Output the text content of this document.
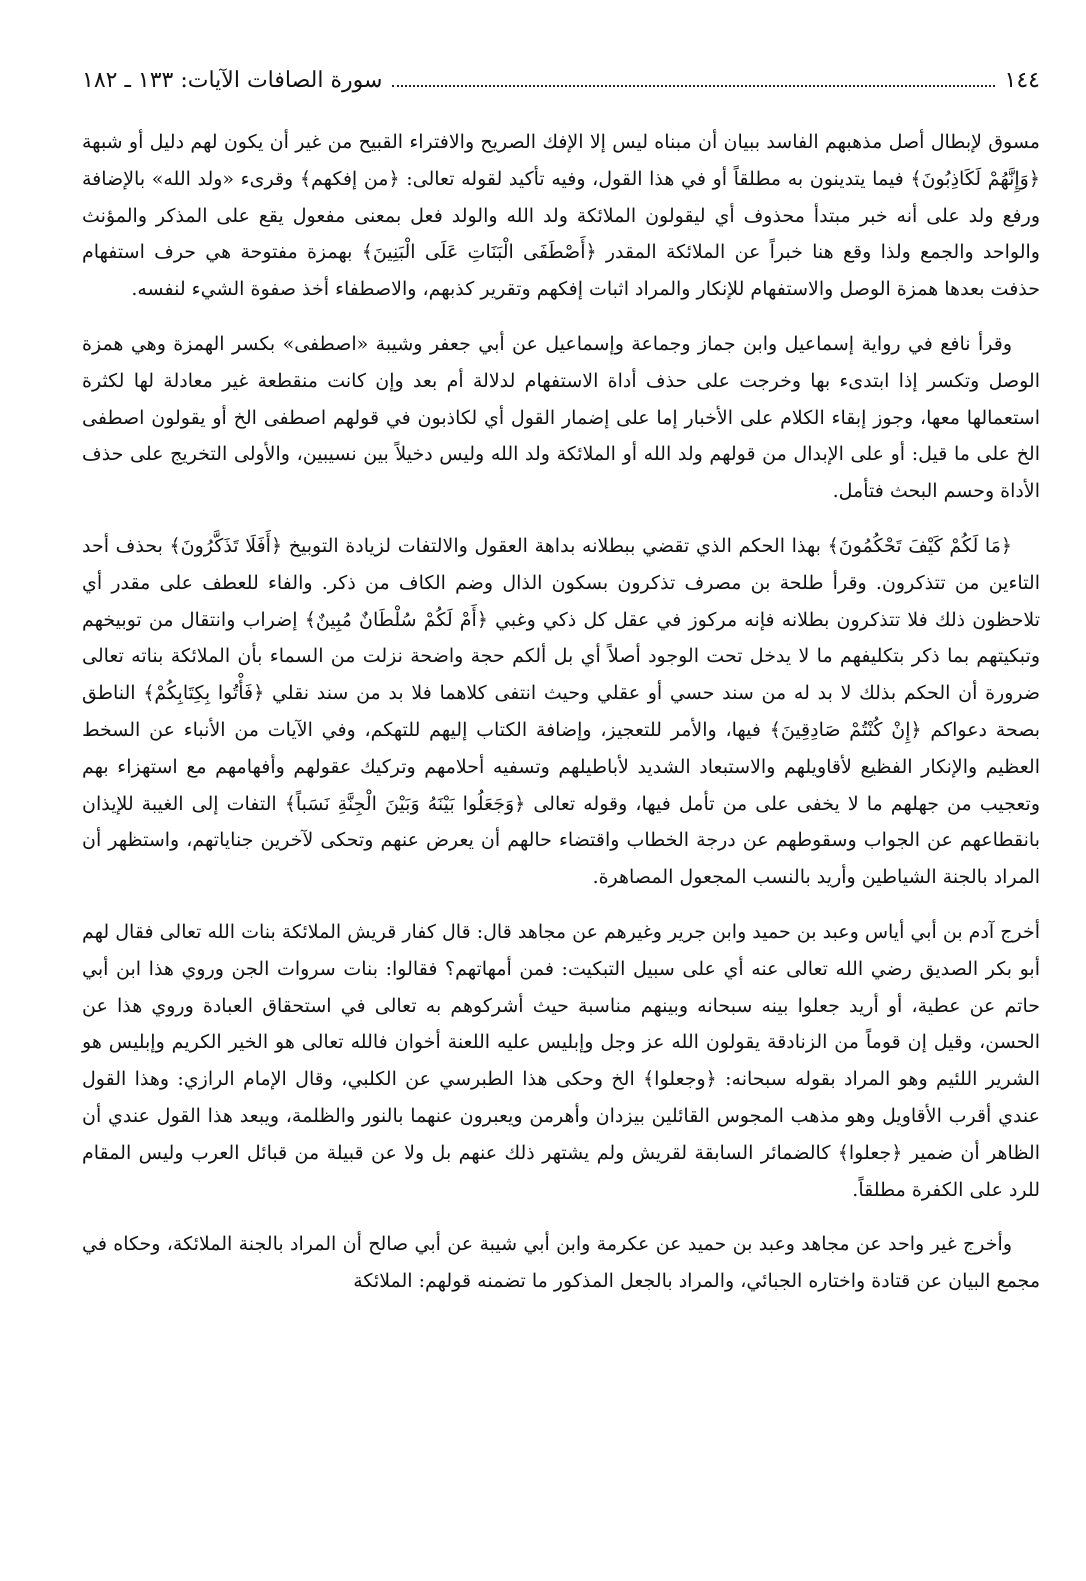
١٤٤
سورة الصافات الآيات: ١٣٣ ـ ١٨٢

مسوق لإبطال أصل مذهبهم الفاسد ببيان أن مبناه ليس إلا الإفك الصريح والافتراء القبيح من غير أن يكون لهم دليل أو شبهة ﴿وَإِنَّهُمْ لَكَاذِبُونَ﴾ فيما يتدينون به مطلقاً أو في هذا القول، وفيه تأكيد لقوله تعالى: ﴿من إفكهم﴾ وقرىء «ولد الله» بالإضافة ورفع ولد على أنه خبر مبتدأ محذوف أي ليقولون الملائكة ولد الله والولد فعل بمعنى مفعول يقع على المذكر والمؤنث والواحد والجمع ولذا وقع هنا خبراً عن الملائكة المقدر ﴿أَصْطَفَى الْبَنَاتِ عَلَى الْبَنِينَ﴾ بهمزة مفتوحة هي حرف استفهام حذفت بعدها همزة الوصل والاستفهام للإنكار والمراد اثبات إفكهم وتقرير كذبهم، والاصطفاء أخذ صفوة الشيء لنفسه.

وقرأ نافع في رواية إسماعيل وابن جماز وجماعة وإسماعيل عن أبي جعفر وشيبة «اصطفى» بكسر الهمزة وهي همزة الوصل وتكسر إذا ابتدىء بها وخرجت على حذف أداة الاستفهام لدلالة أم بعد وإن كانت منقطعة غير معادلة لها لكثرة استعمالها معها، وجوز إبقاء الكلام على الأخبار إما على إضمار القول أي لكاذبون في قولهم اصطفى الخ أو يقولون اصطفى الخ على ما قيل: أو على الإبدال من قولهم ولد الله أو الملائكة ولد الله وليس دخيلاً بين نسيبين، والأولى التخريج على حذف الأداة وحسم البحث فتأمل.

﴿مَا لَكُمْ كَيْفَ تَحْكُمُونَ﴾ بهذا الحكم الذي تقضي ببطلانه بداهة العقول والالتفات لزيادة التوبيخ ﴿أَفَلَا تَذَكَّرُونَ﴾ بحذف أحد التاءين من تتذكرون. وقرأ طلحة بن مصرف تذكرون بسكون الذال وضم الكاف من ذكر. والفاء للعطف على مقدر أي تلاحظون ذلك فلا تتذكرون بطلانه فإنه مركوز في عقل كل ذكي وغبي ﴿أَمْ لَكُمْ سُلْطَانٌ مُبِينٌ﴾ إضراب وانتقال من توبيخهم وتبكيتهم بما ذكر بتكليفهم ما لا يدخل تحت الوجود أصلاً أي بل ألكم حجة واضحة نزلت من السماء بأن الملائكة بناته تعالى ضرورة أن الحكم بذلك لا بد له من سند حسي أو عقلي وحيث انتفى كلاهما فلا بد من سند نقلي ﴿فَأْتُوا بِكِتَابِكُمْ﴾ الناطق بصحة دعواكم ﴿إِنْ كُنْتُمْ صَادِقِينَ﴾ فيها، والأمر للتعجيز، وإضافة الكتاب إليهم للتهكم، وفي الآيات من الأنباء عن السخط العظيم والإنكار الفظيع لأقاويلهم والاستبعاد الشديد لأباطيلهم وتسفيه أحلامهم وتركيك عقولهم وأفهامهم مع استهزاء بهم وتعجيب من جهلهم ما لا يخفى على من تأمل فيها، وقوله تعالى ﴿وَجَعَلُوا بَيْنَهُ وَبَيْنَ الْجِنَّةِ نَسَباً﴾ التفات إلى الغيبة للإيذان بانقطاعهم عن الجواب وسقوطهم عن درجة الخطاب واقتضاء حالهم أن يعرض عنهم وتحكى لآخرين جناياتهم، واستظهر أن المراد بالجنة الشياطين وأريد بالنسب المجعول المصاهرة.

أخرج آدم بن أبي أياس وعبد بن حميد وابن جرير وغيرهم عن مجاهد قال: قال كفار قريش الملائكة بنات الله تعالى فقال لهم أبو بكر الصديق رضي الله تعالى عنه أي على سبيل التبكيت: فمن أمهاتهم؟ فقالوا: بنات سروات الجن وروي هذا ابن أبي حاتم عن عطية، أو أريد جعلوا بينه سبحانه وبينهم مناسبة حيث أشركوهم به تعالى في استحقاق العبادة وروي هذا عن الحسن، وقيل إن قوماً من الزنادقة يقولون الله عز وجل وإبليس عليه اللعنة أخوان فالله تعالى هو الخير الكريم وإبليس هو الشرير اللئيم وهو المراد بقوله سبحانه: ﴿وجعلوا﴾ الخ وحكى هذا الطبرسي عن الكلبي، وقال الإمام الرازي: وهذا القول عندي أقرب الأقاويل وهو مذهب المجوس القائلين بيزدان وأهرمن ويعبرون عنهما بالنور والظلمة، ويبعد هذا القول عندي أن الظاهر أن ضمير ﴿جعلوا﴾ كالضمائر السابقة لقريش ولم يشتهر ذلك عنهم بل ولا عن قبيلة من قبائل العرب وليس المقام للرد على الكفرة مطلقاً.

وأخرج غير واحد عن مجاهد وعبد بن حميد عن عكرمة وابن أبي شيبة عن أبي صالح أن المراد بالجنة الملائكة، وحكاه في مجمع البيان عن قتادة واختاره الجبائي، والمراد بالجعل المذكور ما تضمنه قولهم: الملائكة
